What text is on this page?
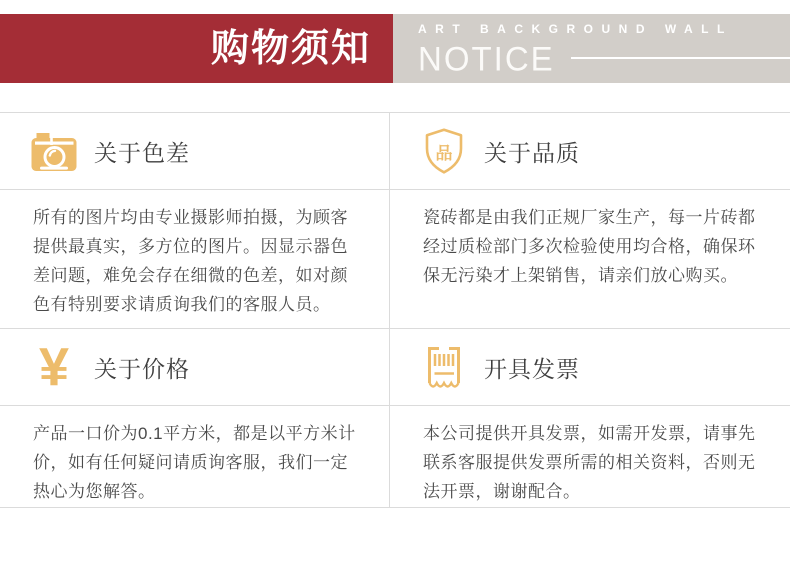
购物须知	ART BACKGROUND WALL
NOTICE
关于色差	品 关于品质

所有的图片均由专业摄影师拍摄，为顾客提供最真实，多方位的图片。因显示器色差问题，难免会存在细微的色差，如对颜色有特别要求请质询我们的客服人员。

瓷砖都是由我们正规厂家生产，每一片砖都经过质检部门多次检验使用均合格，确保环保无污染才上架销售，请亲们放心购买。

¥ 关于价格	开具发票

产品一口价为0.1平方米，都是以平方米计价，如有任何疑问请质询客服，我们一定热心为您解答。

本公司提供开具发票，如需开发票，请事先联系客服提供发票所需的相关资料，否则无法开票，谢谢配合。
